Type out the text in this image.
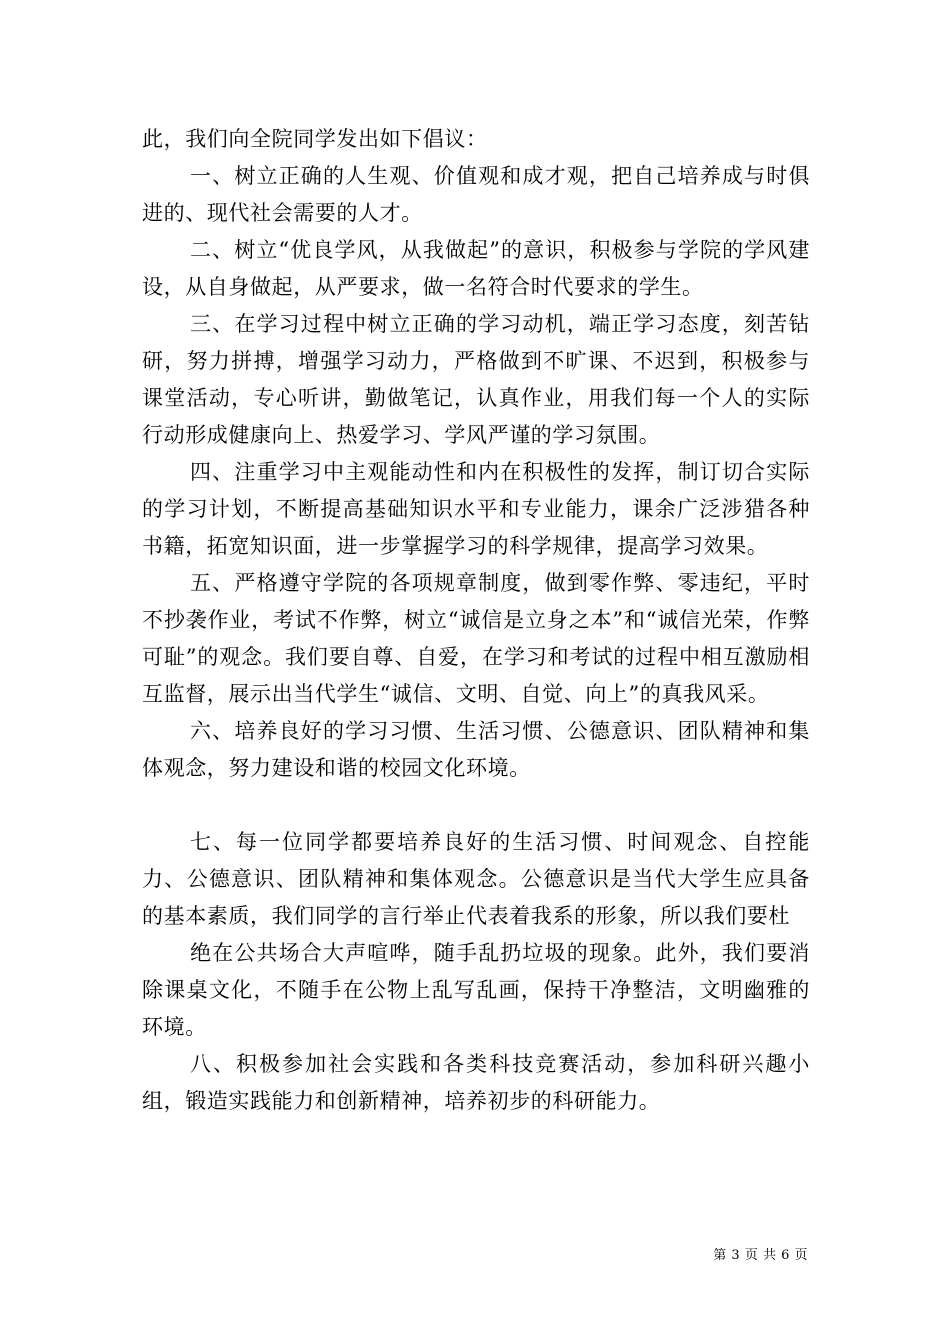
此，我们向全院同学发出如下倡议：

一、树立正确的人生观、价值观和成才观，把自己培养成与时俱进的、现代社会需要的人才。

二、树立“优良学风，从我做起”的意识，积极参与学院的学风建设，从自身做起，从严要求，做一名符合时代要求的学生。

三、在学习过程中树立正确的学习动机，端正学习态度，刻苦钻研，努力拼搏，增强学习动力，严格做到不旷课、不迟到，积极参与课堂活动，专心听讲，勤做笔记，认真作业，用我们每一个人的实际行动形成健康向上、热爱学习、学风严谨的学习氛围。

四、注重学习中主观能动性和内在积极性的发挥，制订切合实际的学习计划，不断提高基础知识水平和专业能力，课余广泛涉猎各种书籍，拓宽知识面，进一步掌握学习的科学规律，提高学习效果。

五、严格遵守学院的各项规章制度，做到零作弊、零违纪，平时不抄袭作业，考试不作弊，树立“诚信是立身之本”和“诚信光荣，作弊可耻”的观念。我们要自尊、自爱，在学习和考试的过程中相互激励相互监督，展示出当代学生“诚信、文明、自觉、向上”的真我风采。

六、培养良好的学习习惯、生活习惯、公德意识、团队精神和集体观念，努力建设和谐的校园文化环境。

七、每一位同学都要培养良好的生活习惯、时间观念、自控能力、公德意识、团队精神和集体观念。公德意识是当代大学生应具备的基本素质，我们同学的言行举止代表着我系的形象，所以我们要杜

绝在公共场合大声喧哗，随手乱扔垃圾的现象。此外，我们要消除课桌文化，不随手在公物上乱写乱画，保持干净整洁，文明幽雅的环境。

八、积极参加社会实践和各类科技竞赛活动，参加科研兴趣小组，锻造实践能力和创新精神，培养初步的科研能力。

第 3 页 共 6 页
